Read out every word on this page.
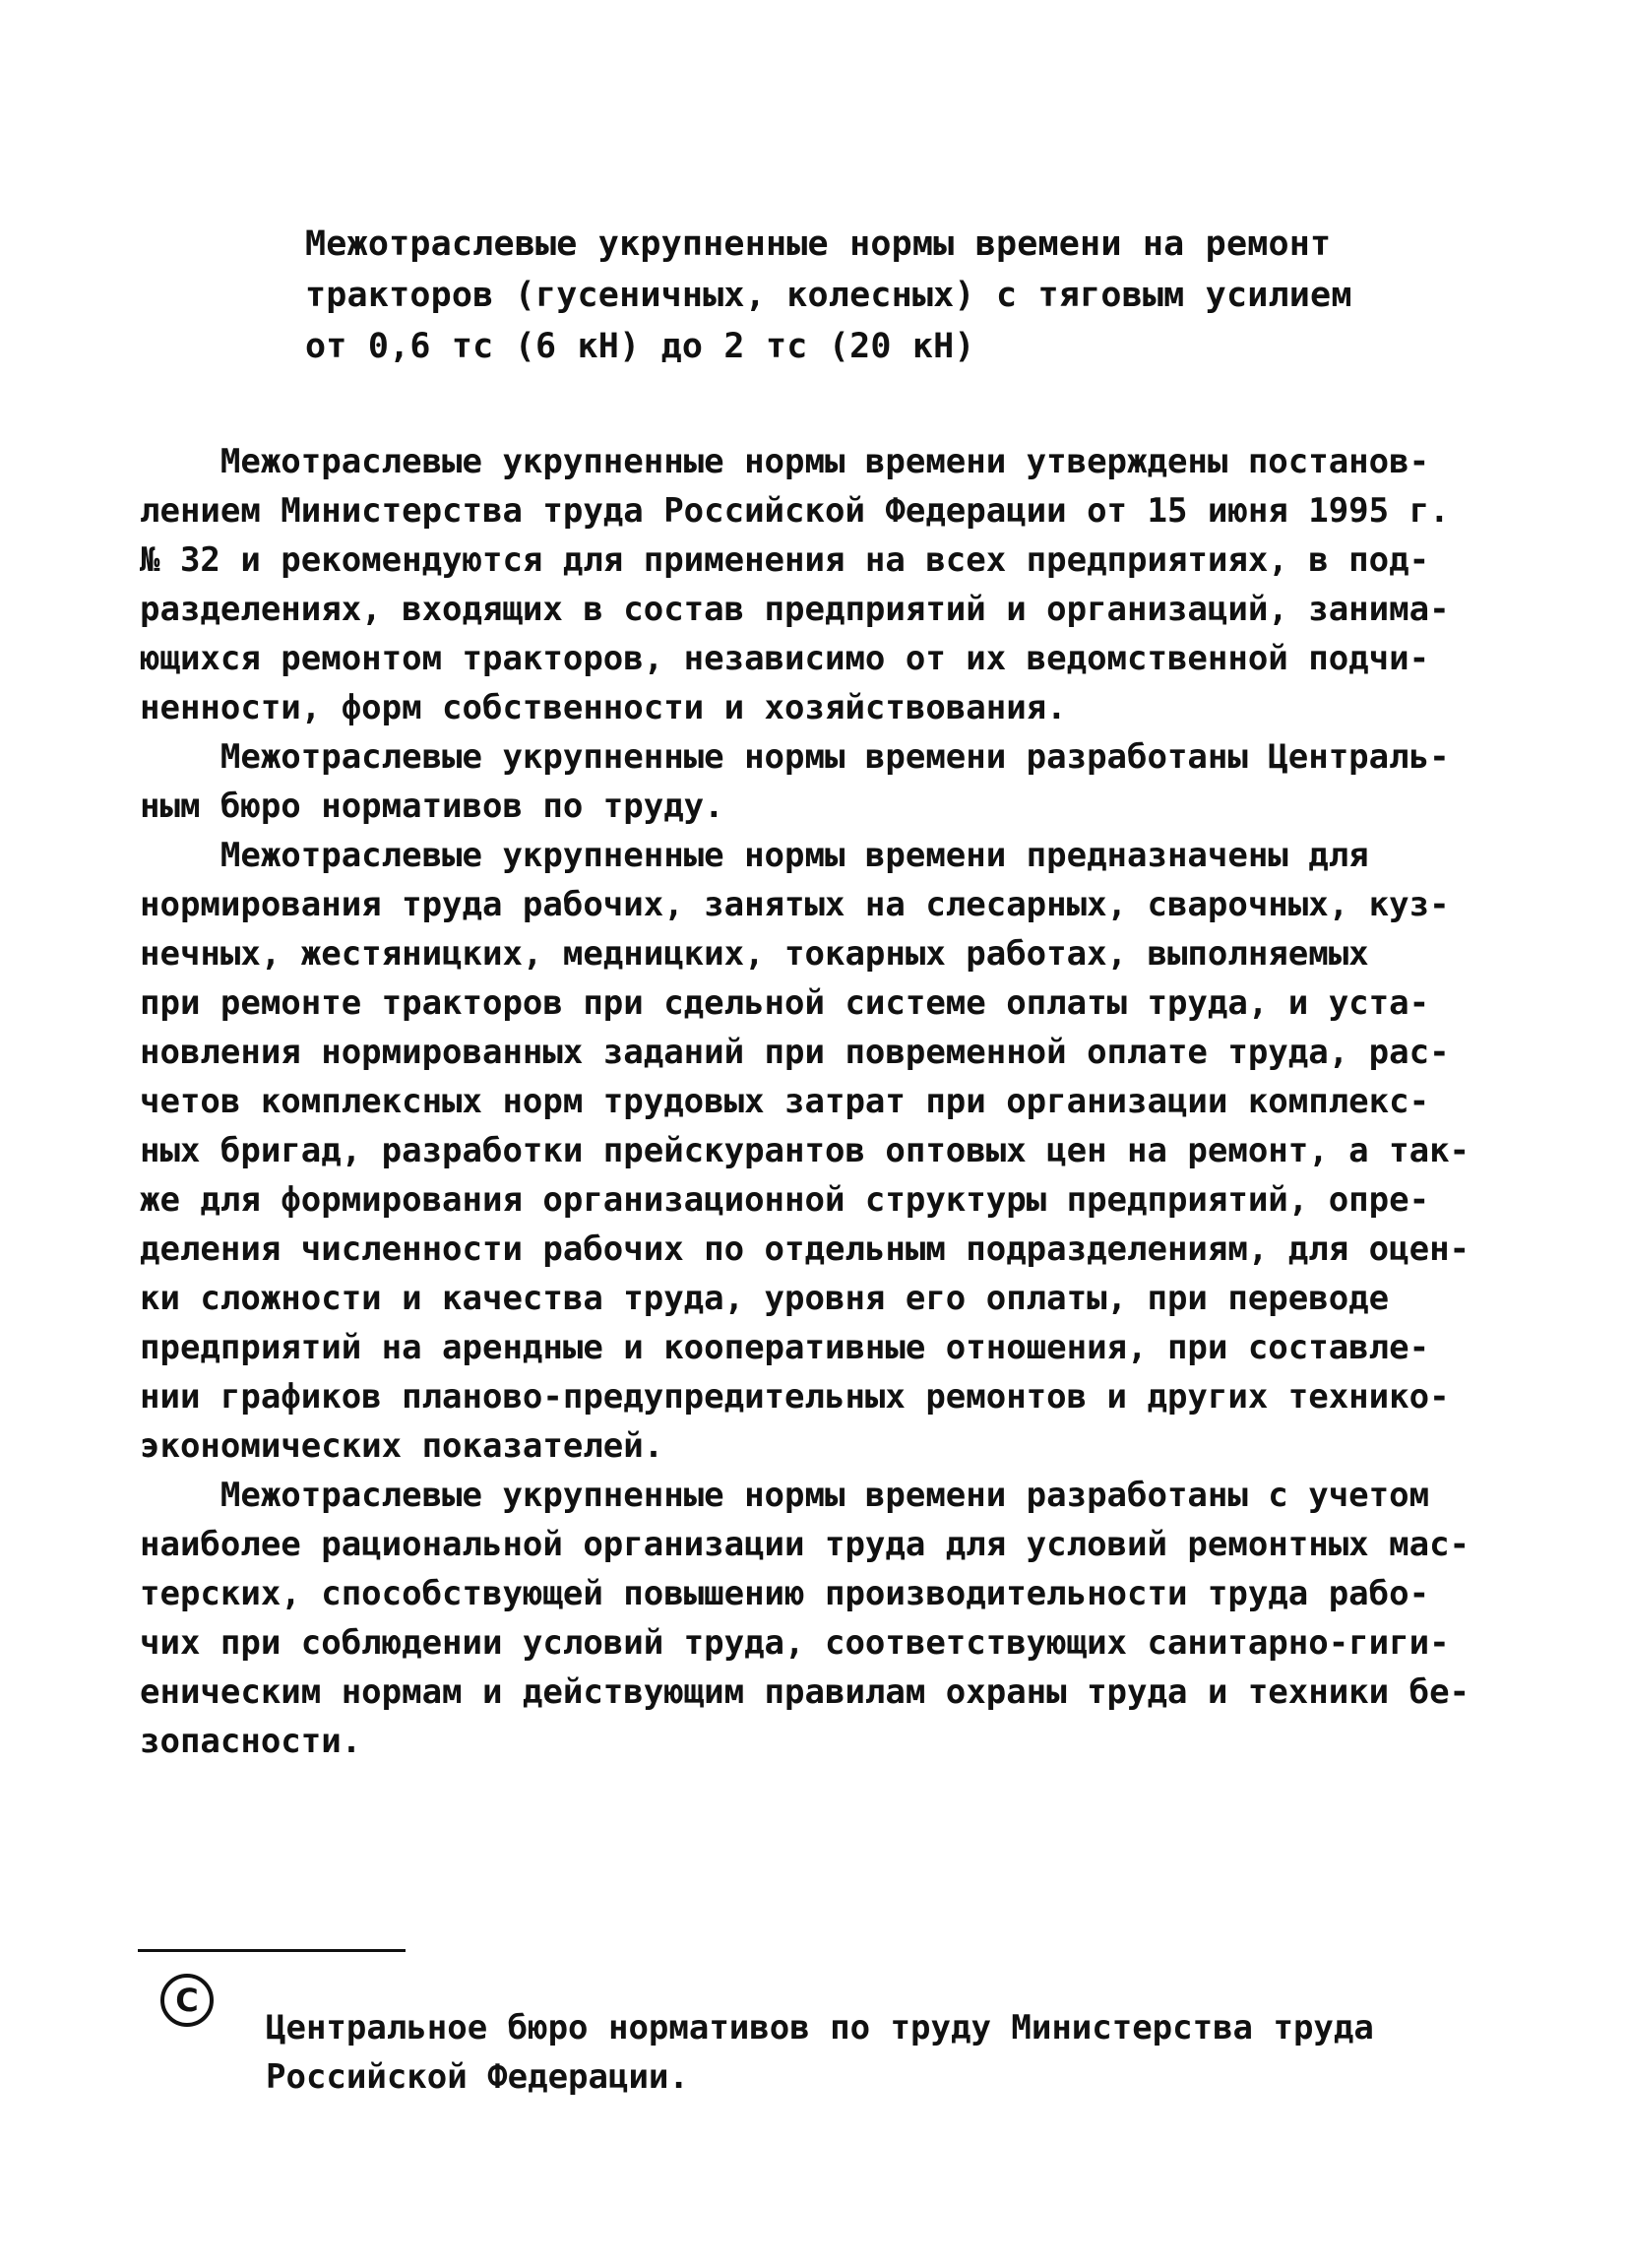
Межотраслевые укрупненные нормы времени на ремонт
тракторов (гусеничных, колесных) с тяговым усилием
от 0,6 тс (6 кН) до 2 тс (20 кН)
Межотраслевые укрупненные нормы времени утверждены постанов-
лением Министерства труда Российской Федерации от 15 июня 1995 г.
№ 32 и рекомендуются для применения на всех предприятиях, в под-
разделениях, входящих в состав предприятий и организаций, занима-
ющихся ремонтом тракторов, независимо от их ведомственной подчи-
ненности, форм собственности и хозяйствования.
Межотраслевые укрупненные нормы времени разработаны Централь-
ным бюро нормативов по труду.
Межотраслевые укрупненные нормы времени предназначены для
нормирования труда рабочих, занятых на слесарных, сварочных, куз-
нечных, жестяницких, медницких, токарных работах, выполняемых
при ремонте тракторов при сдельной системе оплаты труда, и уста-
новления нормированных заданий при повременной оплате труда, рас-
четов комплексных норм трудовых затрат при организации комплекс-
ных бригад, разработки прейскурантов оптовых цен на ремонт, а так-
же для формирования организационной структуры предприятий, опре-
деления численности рабочих по отдельным подразделениям, для оцен-
ки сложности и качества труда, уровня его оплаты, при переводе
предприятий на арендные и кооперативные отношения, при составле-
нии графиков планово-предупредительных ремонтов и других технико-
экономических показателей.
Межотраслевые укрупненные нормы времени разработаны с учетом
наиболее рациональной организации труда для условий ремонтных мас-
терских, способствующей повышению производительности труда рабо-
чих при соблюдении условий труда, соответствующих санитарно-гиги-
еническим нормам и действующим правилам охраны труда и техники бе-
зопасности.
С
Центральное бюро нормативов по труду Министерства труда
Российской Федерации.
